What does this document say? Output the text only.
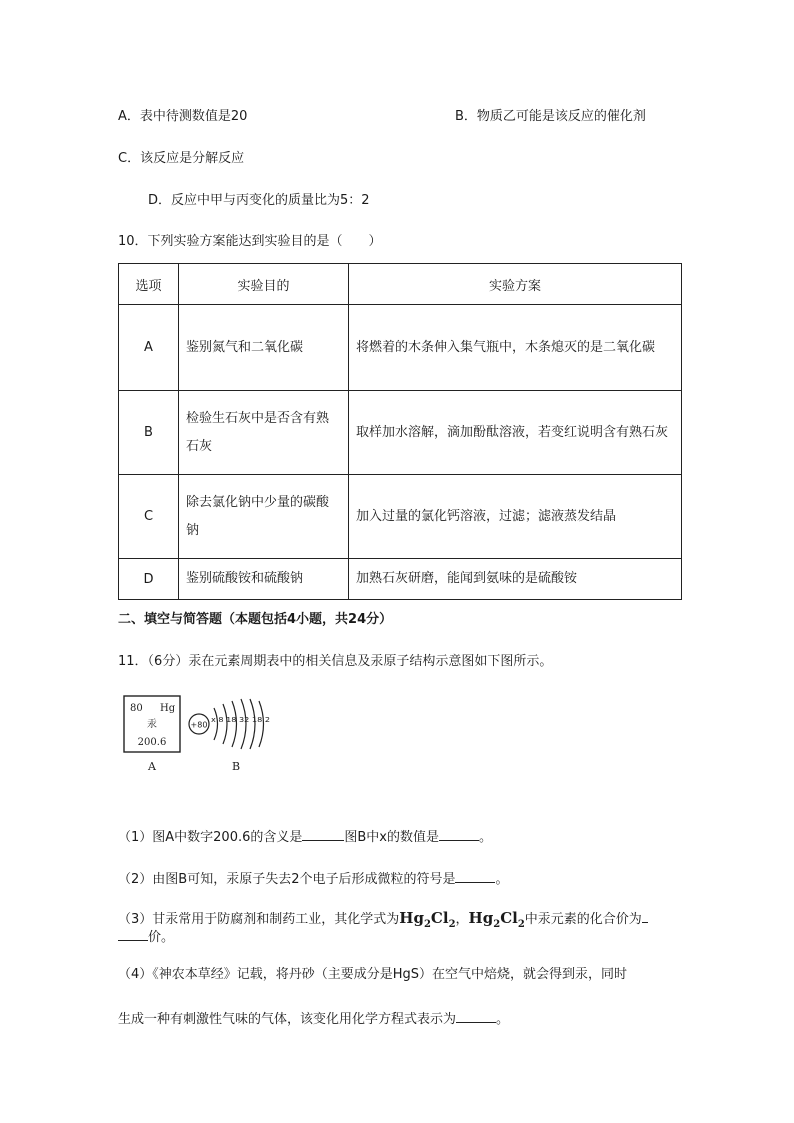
A．表中待测数值是20	B．物质乙可能是该反应的催化剂
C．该反应是分解反应
D．反应中甲与丙变化的质量比为5：2
10．下列实验方案能达到实验目的是（　　）
选项	实验目的	实验方案
A	鉴别氮气和二氧化碳	将燃着的木条伸入集气瓶中，木条熄灭的是二氧化碳
B	检验生石灰中是否含有熟石灰	取样加水溶解，滴加酚酞溶液，若变红说明含有熟石灰
C	除去氯化钠中少量的碳酸钠	加入过量的氯化钙溶液，过滤；滤液蒸发结晶
D	鉴别硫酸铵和硫酸钠	加熟石灰研磨，能闻到氨味的是硫酸铵
二、填空与简答题（本题包括4小题，共24分）
11．（6分）汞在元素周期表中的相关信息及汞原子结构示意图如下图所示。
80 Hg
汞
200.6
A
+80
x 8 18 32 18 2
B
（1）图A中数字200.6的含义是	图B中x的数值是	。
（2）由图B可知，汞原子失去2个电子后形成微粒的符号是	。
（3）甘汞常用于防腐剂和制药工业，其化学式为$Hg_2Cl_2$，$Hg_2Cl_2$中汞元素的化合价为
价。
（4）《神农本草经》记载，将丹砂（主要成分是HgS）在空气中焙烧，就会得到汞，同时
生成一种有刺激性气味的气体，该变化用化学方程式表示为	。
